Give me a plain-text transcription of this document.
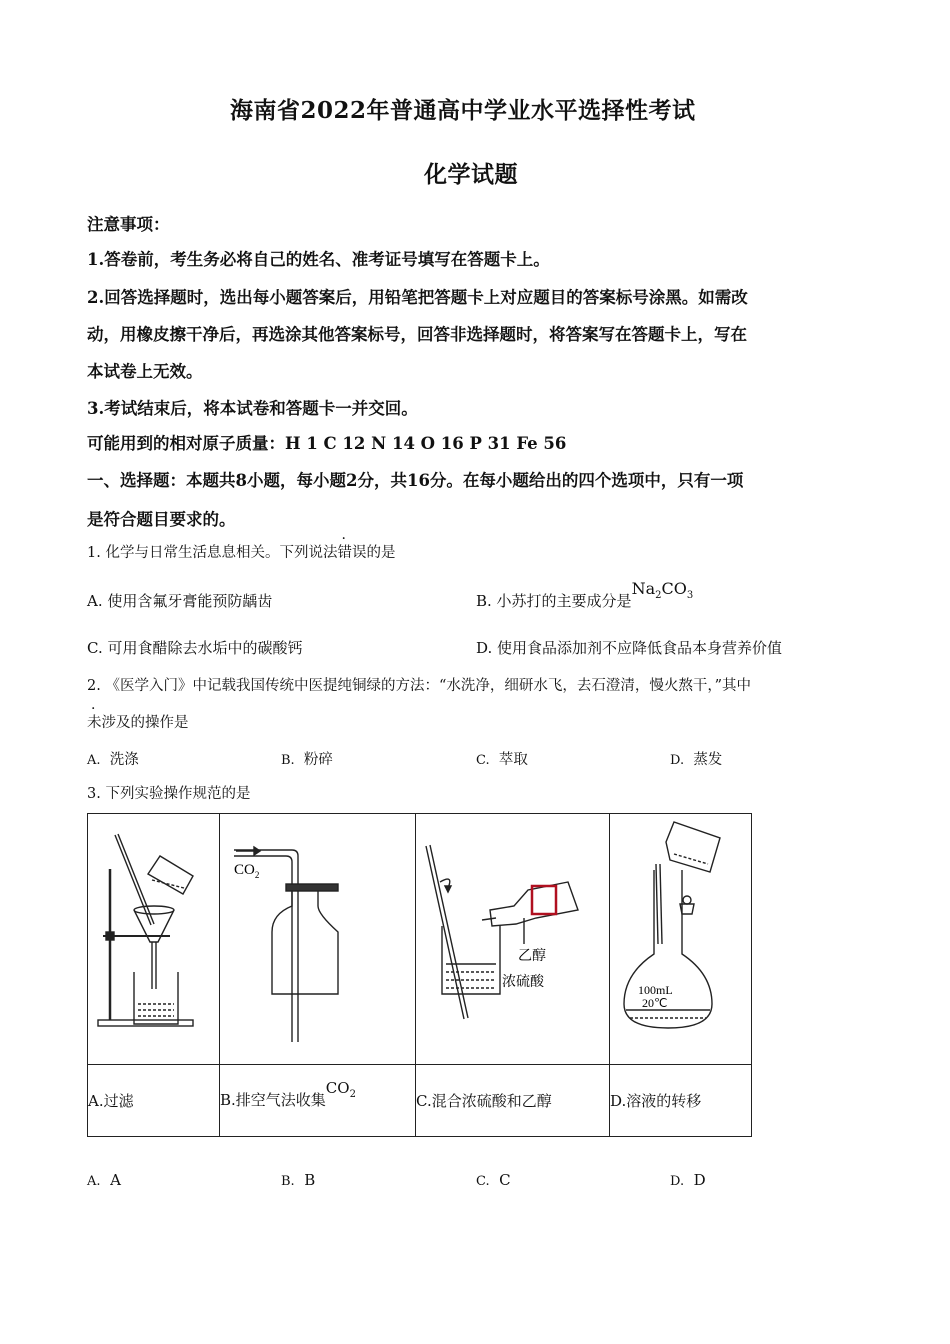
海南省2022年普通高中学业水平选择性考试
化学试题
注意事项：
1.答卷前，考生务必将自己的姓名、准考证号填写在答题卡上。
2.回答选择题时，选出每小题答案后，用铅笔把答题卡上对应题目的答案标号涂黑。如需改
动，用橡皮擦干净后，再选涂其他答案标号，回答非选择题时，将答案写在答题卡上，写在
本试卷上无效。
3.考试结束后，将本试卷和答题卡一并交回。
可能用到的相对原子质量：H 1 C 12 N 14 O 16 P 31 Fe 56
一、选择题：本题共8小题，每小题2分，共16分。在每小题给出的四个选项中，只有一项
是符合题目要求的。
1. 化学与日常生活息息相关。下列说法错误的是
A. 使用含氟牙膏能预防龋齿	B. 小苏打的主要成分是$Na_2CO_3$
C. 可用食醋除去水垢中的碳酸钙	D. 使用食品添加剂不应降低食品本身营养价值
2. 《医学入门》中记载我国传统中医提纯铜绿的方法：“水洗净，细研水飞，去石澄清，慢火熬干，”其中
未涉及的操作是
A. 洗涤	B. 粉碎	C. 萃取	D. 蒸发
3. 下列实验操作规范的是

$CO_2$	乙醇
浓硫酸	100mL
20℃

A.过滤	B.排空气法收集$CO_2$	C.混合浓硫酸和乙醇	D.溶液的转移
A. A	B. B	C. C	D. D
